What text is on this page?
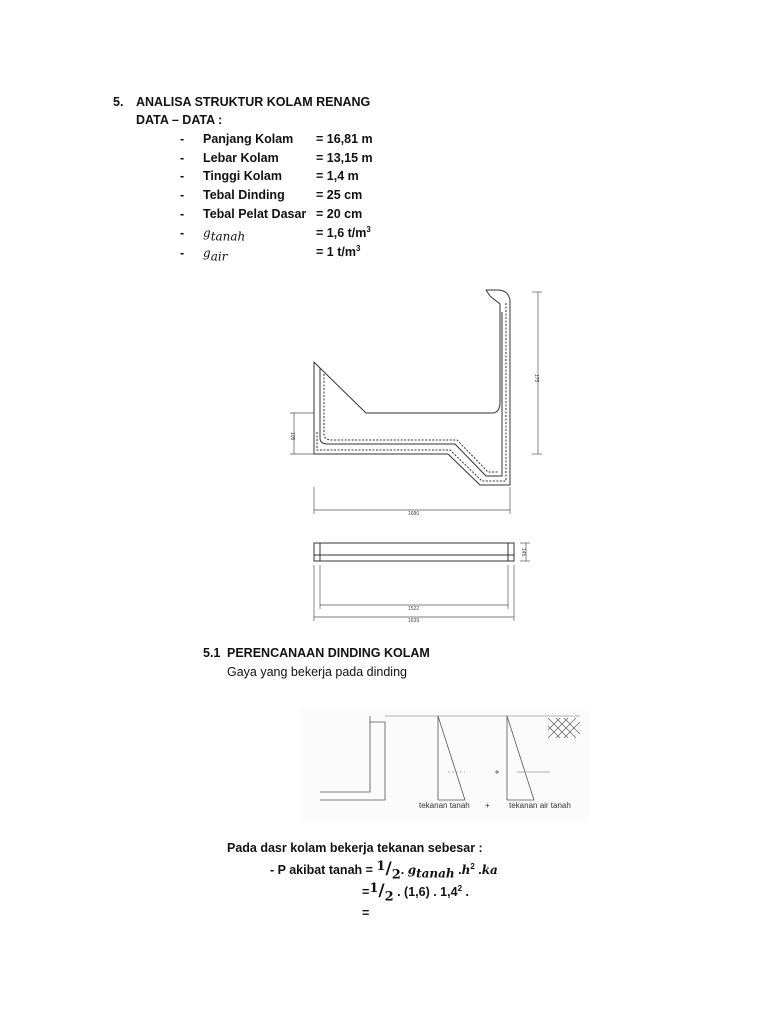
5. ANALISA STRUKTUR KOLAM RENANG
DATA – DATA :
- Panjang Kolam = 16,81 m
- Lebar Kolam	= 13,15 m
- Tinggi Kolam	= 1,4 m
- Tebal Dinding	= 25 cm
- Tebal Pelat Dasar = 20 cm
- $g_{tanah}$	= 1,6 $t/m^3$
- $g_{air}$	= 1 $t/m^3$
175
105
1680
145
1522
1639
5.1 PERENCANAAN DINDING KOLAM
Gaya yang bekerja pada dinding
tekanan tanah + tekanan air tanah
Pada dasr kolam bekerja tekanan sebesar :
- P akibat tanah = $^1/_2$. $g_{tanah}$ $.h^2$ .ka
$=^1/_2$ . (1,6) . $1,4^2$ .
=
